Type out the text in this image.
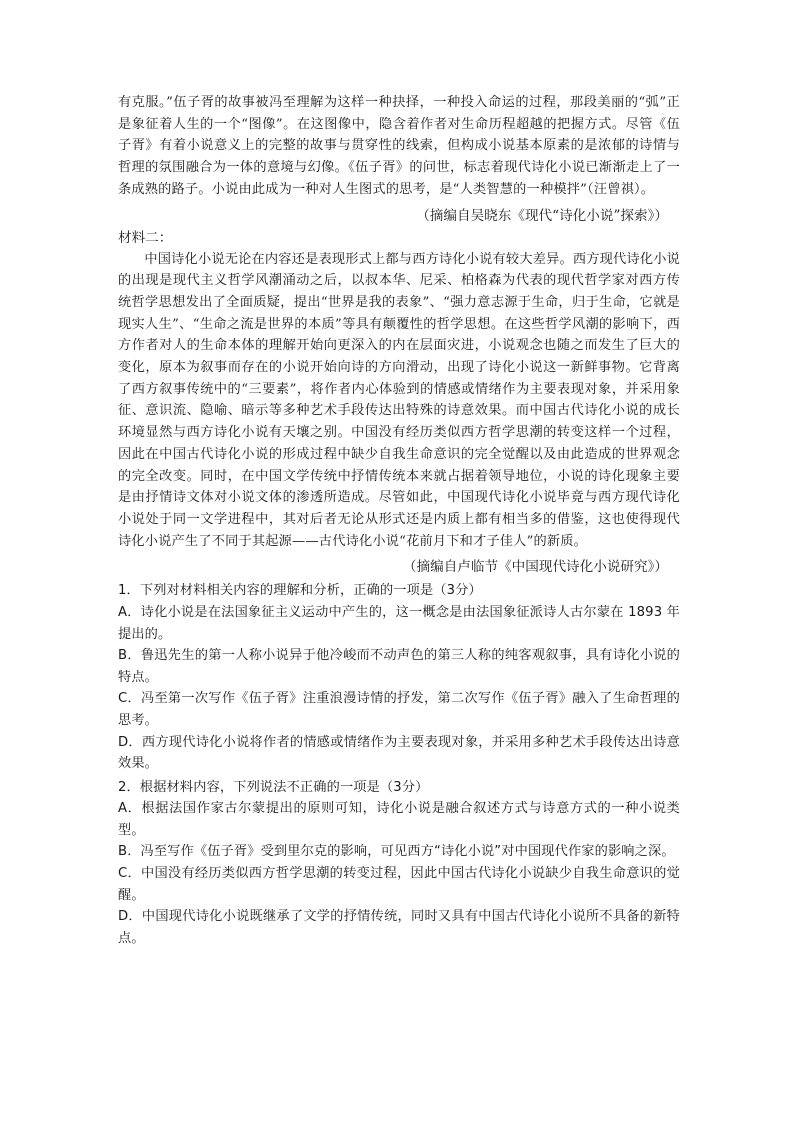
有克服。”伍子胥的故事被冯至理解为这样一种抉择，一种投入命运的过程，那段美丽的“弧”正是象征着人生的一个“图像”。在这图像中，隐含着作者对生命历程超越的把握方式。尽管《伍子胥》有着小说意义上的完整的故事与贯穿性的线索，但构成小说基本原素的是浓郁的诗情与哲理的氛围融合为一体的意境与幻像。《伍子胥》的问世，标志着现代诗化小说已渐渐走上了一条成熟的路子。小说由此成为一种对人生图式的思考，是“人类智慧的一种模拌”（汪曾祺）。

（摘编自吴晓东《现代“诗化小说”探索》）

材料二：

中国诗化小说无论在内容还是表现形式上都与西方诗化小说有较大差异。西方现代诗化小说的出现是现代主义哲学风潮涌动之后，以叔本华、尼采、柏格森为代表的现代哲学家对西方传统哲学思想发出了全面质疑，提出“世界是我的表象”、“强力意志源于生命，归于生命，它就是现实人生”、“生命之流是世界的本质”等具有颠覆性的哲学思想。在这些哲学风潮的影响下，西方作者对人的生命本体的理解开始向更深入的内在层面灾进，小说观念也随之而发生了巨大的变化，原本为叙事而存在的小说开始向诗的方向滑动，出现了诗化小说这一新鲜事物。它背离了西方叙事传统中的“三要素”，将作者内心体验到的情感或情绪作为主要表现对象，并采用象征、意识流、隐喻、暗示等多种艺术手段传达出特殊的诗意效果。而中国古代诗化小说的成长环境显然与西方诗化小说有天壤之别。中国没有经历类似西方哲学思潮的转变这样一个过程，因此在中国古代诗化小说的形成过程中缺少自我生命意识的完全觉醒以及由此造成的世界观念的完全改变。同时，在中国文学传统中抒情传统本来就占据着领导地位，小说的诗化现象主要是由抒情诗文体对小说文体的渗透所造成。尽管如此，中国现代诗化小说毕竟与西方现代诗化小说处于同一文学进程中，其对后者无论从形式还是内质上都有相当多的借鉴，这也使得现代诗化小说产生了不同于其起源——古代诗化小说“花前月下和才子佳人”的新质。

（摘编自卢临节《中国现代诗化小说研究》）

1．下列对材料相关内容的理解和分析，正确的一项是（3分）

A．诗化小说是在法国象征主义运动中产生的，这一概念是由法国象征派诗人古尔蒙在 1893 年提出的。

B．鲁迅先生的第一人称小说异于他冷峻而不动声色的第三人称的纯客观叙事，具有诗化小说的特点。

C．冯至第一次写作《伍子胥》注重浪漫诗情的抒发，第二次写作《伍子胥》融入了生命哲理的思考。

D．西方现代诗化小说将作者的情感或情绪作为主要表现对象，并采用多种艺术手段传达出诗意效果。

2．根据材料内容，下列说法不正确的一项是（3分）

A．根据法国作家古尔蒙提出的原则可知，诗化小说是融合叙述方式与诗意方式的一种小说类型。

B．冯至写作《伍子胥》受到里尔克的影响，可见西方“诗化小说”对中国现代作家的影响之深。

C．中国没有经历类似西方哲学思潮的转变过程，因此中国古代诗化小说缺少自我生命意识的觉醒。

D．中国现代诗化小说既继承了文学的抒情传统，同时又具有中国古代诗化小说所不具备的新特点。
